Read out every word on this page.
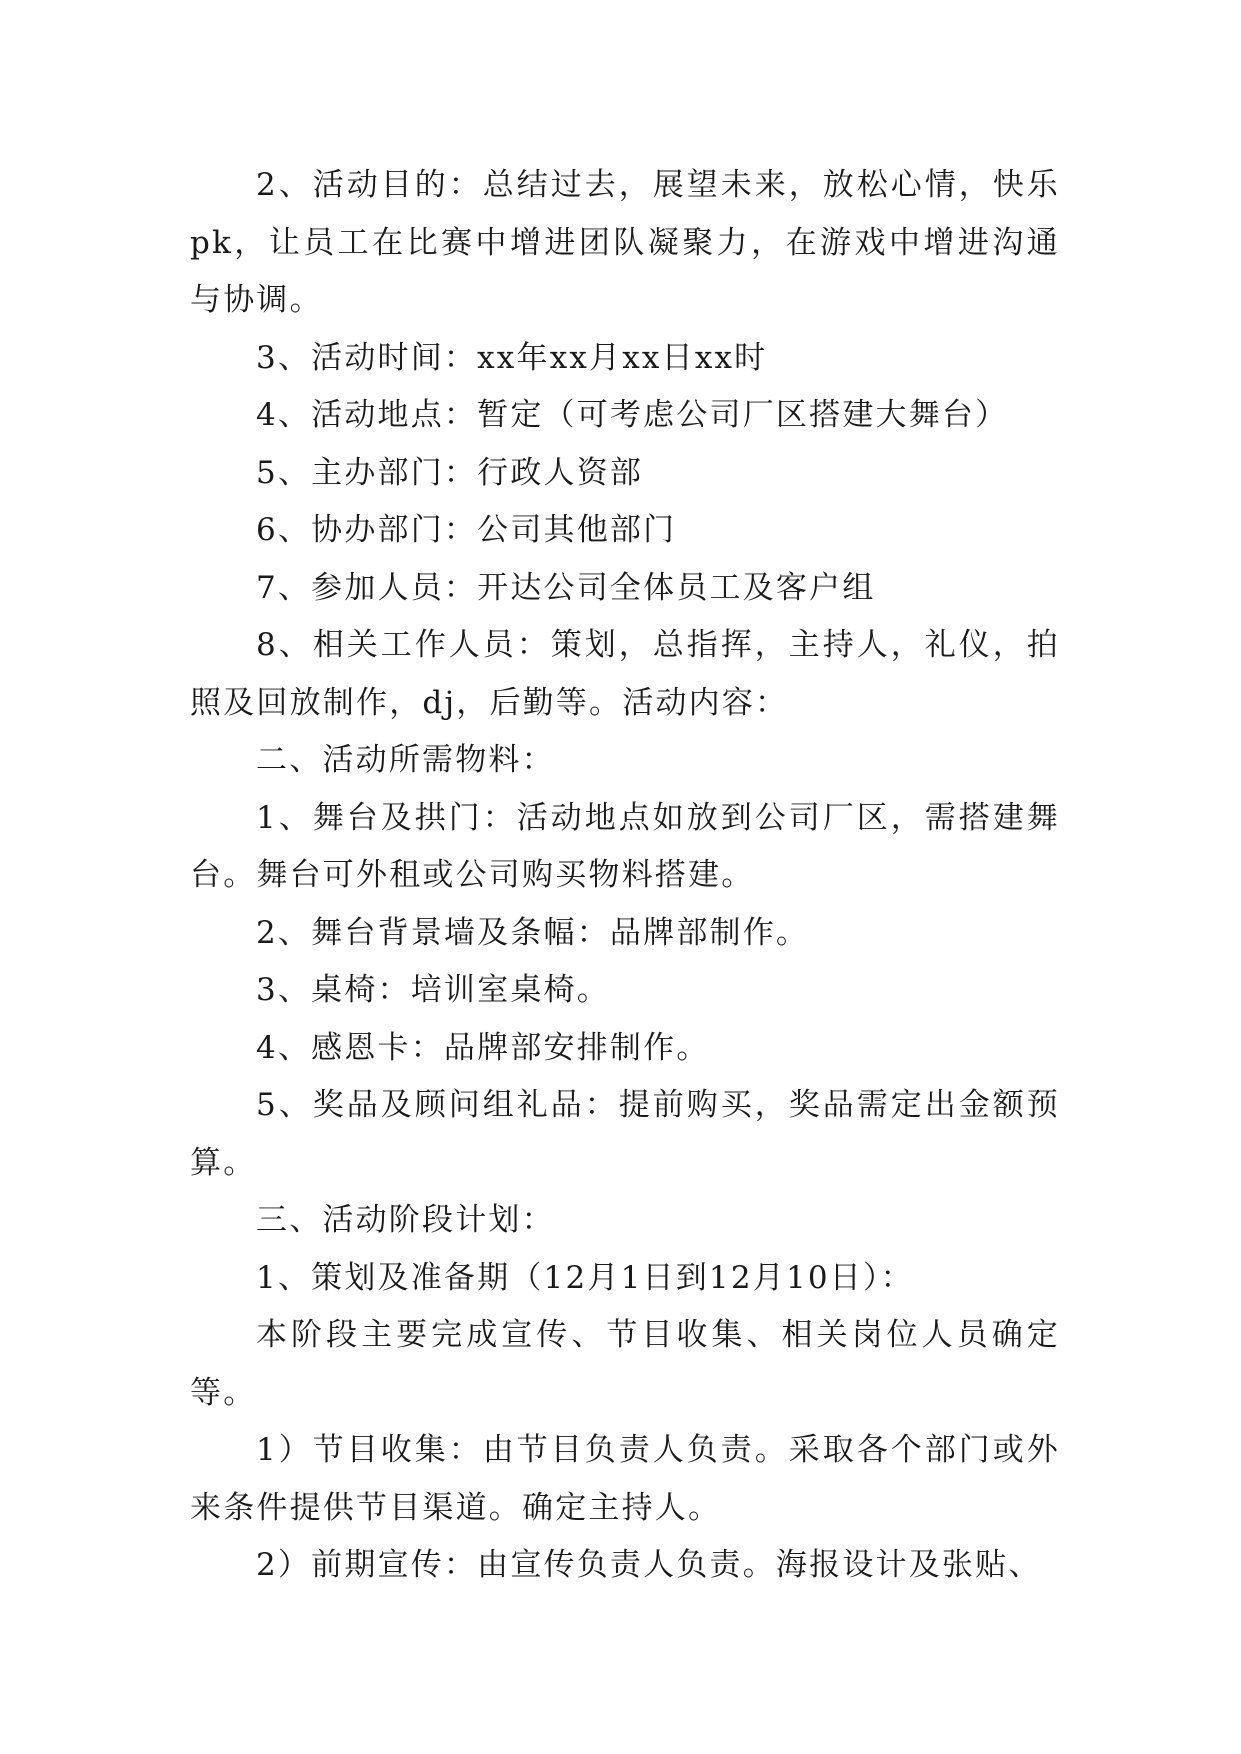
2、活动目的：总结过去，展望未来，放松心情，快乐pk，让员工在比赛中增进团队凝聚力，在游戏中增进沟通与协调。

3、活动时间：xx年xx月xx日xx时

4、活动地点：暂定（可考虑公司厂区搭建大舞台）

5、主办部门：行政人资部

6、协办部门：公司其他部门

7、参加人员：开达公司全体员工及客户组

8、相关工作人员：策划，总指挥，主持人，礼仪，拍照及回放制作，dj，后勤等。活动内容：

二、活动所需物料：

1、舞台及拱门：活动地点如放到公司厂区，需搭建舞台。舞台可外租或公司购买物料搭建。

2、舞台背景墙及条幅：品牌部制作。

3、桌椅：培训室桌椅。

4、感恩卡：品牌部安排制作。

5、奖品及顾问组礼品：提前购买，奖品需定出金额预算。

三、活动阶段计划：

1、策划及准备期（12月1日到12月10日）：

本阶段主要完成宣传、节目收集、相关岗位人员确定等。

1）节目收集：由节目负责人负责。采取各个部门或外来条件提供节目渠道。确定主持人。

2）前期宣传：由宣传负责人负责。海报设计及张贴、
